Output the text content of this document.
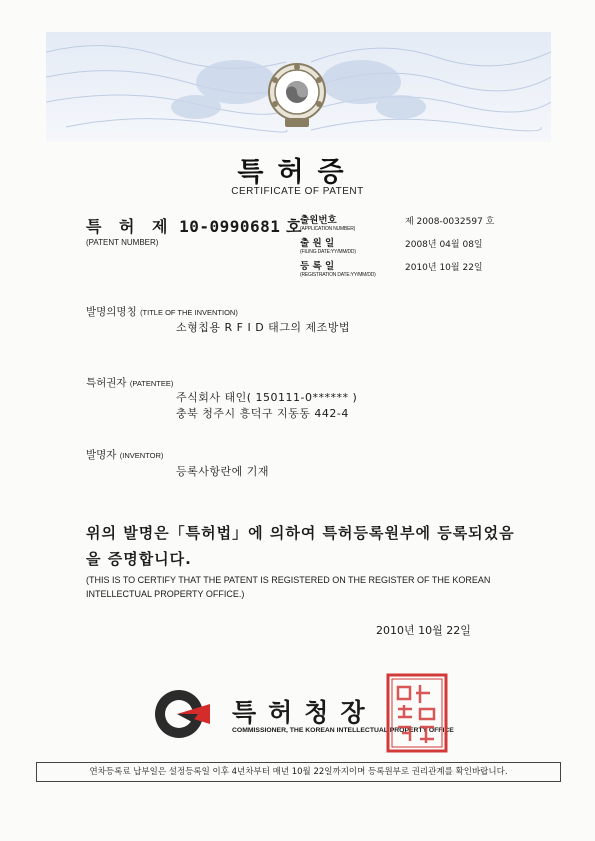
특허증
CERTIFICATE OF PATENT
특 허 제 10-0990681 호
(PATENT NUMBER)
출원번호
(APPLICATION NUMBER)
제 2008-0032597 호
출 원 일
(FILING DATE:YY/MM/DD)
2008년 04월 08일
등 록 일
(REGISTRATION DATE:YY/MM/DD)
2010년 10월 22일
발명의명칭 (TITLE OF THE INVENTION)
소형칩용 R F I D 태그의 제조방법
특허권자 (PATENTEE)
주식회사 태인( 150111-0****** )
충북 청주시 흥덕구 지동동 442-4
발명자 (INVENTOR)
등록사항란에 기재
위의 발명은「특허법」에 의하여 특허등록원부에 등록되었음을 증명합니다.
(THIS IS TO CERTIFY THAT THE PATENT IS REGISTERED ON THE REGISTER OF THE KOREAN INTELLECTUAL PROPERTY OFFICE.)
2010년 10월 22일
특허청장
COMMISSIONER, THE KOREAN INTELLECTUAL PROPERTY OFFICE
연차등록료 납부일은 설정등록일 이후 4년차부터 매년 10월 22일까지이며 등록원부로 권리관계를 확인바랍니다.
